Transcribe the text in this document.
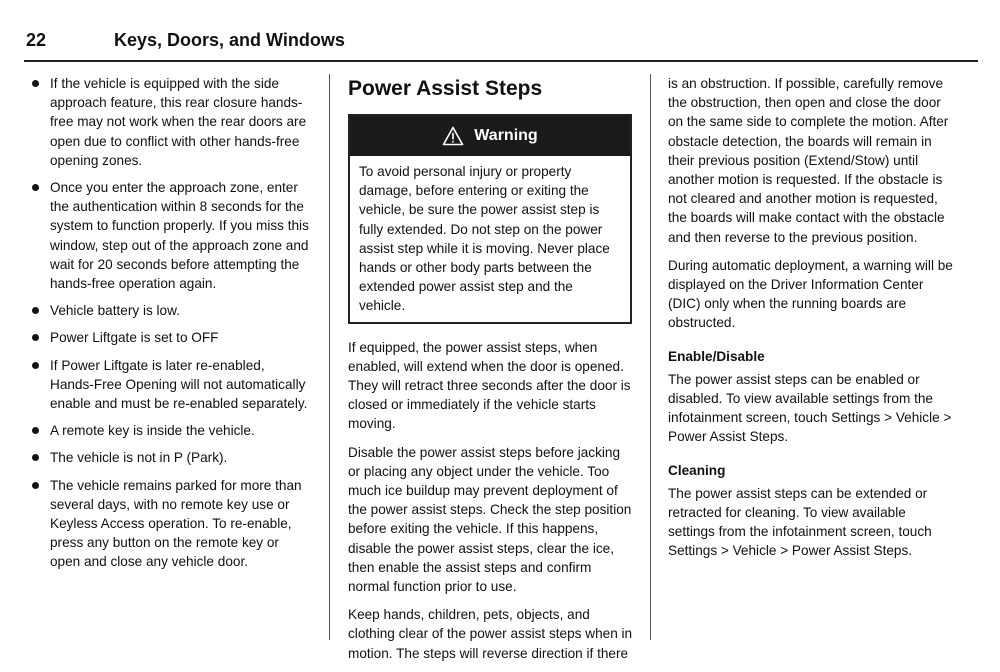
22	Keys, Doors, and Windows
If the vehicle is equipped with the side approach feature, this rear closure hands-free may not work when the rear doors are open due to conflict with other hands-free opening zones.
Once you enter the approach zone, enter the authentication within 8 seconds for the system to function properly. If you miss this window, step out of the approach zone and wait for 20 seconds before attempting the hands-free operation again.
Vehicle battery is low.
Power Liftgate is set to OFF
If Power Liftgate is later re-enabled, Hands-Free Opening will not automatically enable and must be re-enabled separately.
A remote key is inside the vehicle.
The vehicle is not in P (Park).
The vehicle remains parked for more than several days, with no remote key use or Keyless Access operation. To re-enable, press any button on the remote key or open and close any vehicle door.
Power Assist Steps
Warning
To avoid personal injury or property damage, before entering or exiting the vehicle, be sure the power assist step is fully extended. Do not step on the power assist step while it is moving. Never place hands or other body parts between the extended power assist step and the vehicle.

If equipped, the power assist steps, when enabled, will extend when the door is opened. They will retract three seconds after the door is closed or immediately if the vehicle starts moving.

Disable the power assist steps before jacking or placing any object under the vehicle. Too much ice buildup may prevent deployment of the power assist steps. Check the step position before exiting the vehicle. If this happens, disable the power assist steps, clear the ice, then enable the assist steps and confirm normal function prior to use.

Keep hands, children, pets, objects, and clothing clear of the power assist steps when in motion. The steps will reverse direction if there

is an obstruction. If possible, carefully remove the obstruction, then open and close the door on the same side to complete the motion. After obstacle detection, the boards will remain in their previous position (Extend/Stow) until another motion is requested. If the obstacle is not cleared and another motion is requested, the boards will make contact with the obstacle and then reverse to the previous position.

During automatic deployment, a warning will be displayed on the Driver Information Center (DIC) only when the running boards are obstructed.

Enable/Disable

The power assist steps can be enabled or disabled. To view available settings from the infotainment screen, touch Settings > Vehicle > Power Assist Steps.

Cleaning

The power assist steps can be extended or retracted for cleaning. To view available settings from the infotainment screen, touch Settings > Vehicle > Power Assist Steps.
